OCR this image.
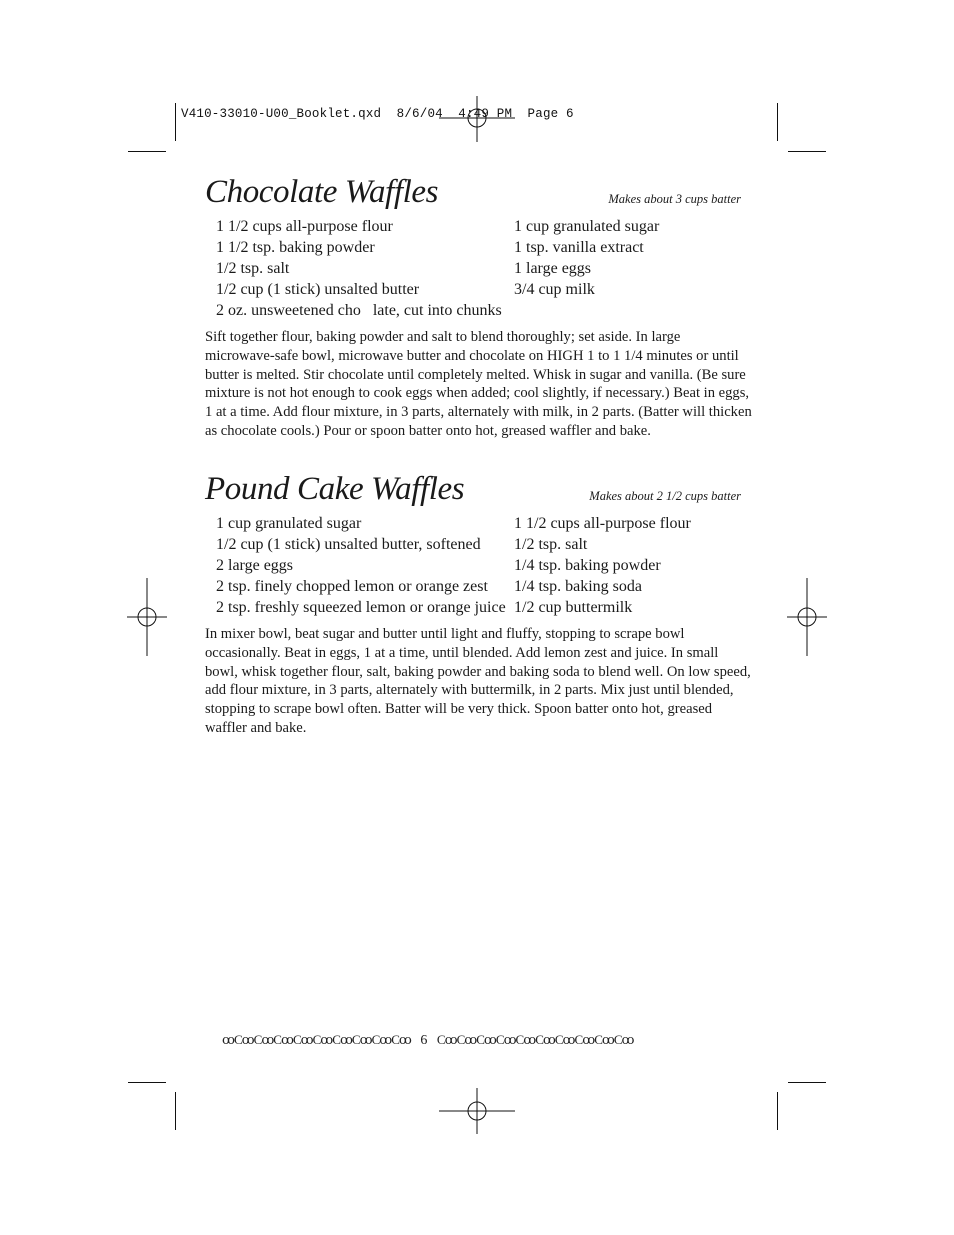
V410-33010-U00_Booklet.qxd  8/6/04  4:49 PM  Page 6
Chocolate Waffles	Makes about 3 cups batter
1 1/2 cups all-purpose flour
1 1/2 tsp. baking powder
1/2 tsp. salt
1/2 cup (1 stick) unsalted butter
2 oz. unsweetened cho   late, cut into chunks
1 cup granulated sugar
1 tsp. vanilla extract
1 large eggs
3/4 cup milk
Sift together flour, baking powder and salt to blend thoroughly; set aside. In large microwave-safe bowl, microwave butter and chocolate on HIGH 1 to 1 1/4 minutes or until butter is melted. Stir chocolate until completely melted. Whisk in sugar and vanilla. (Be sure mixture is not hot enough to cook eggs when added; cool slightly, if necessary.) Beat in eggs, 1 at a time. Add flour mixture, in 3 parts, alternately with milk, in 2 parts. (Batter will thicken as chocolate cools.) Pour or spoon batter onto hot, greased waffler and bake.
Pound Cake Waffles	Makes about 2 1/2 cups batter
1 cup granulated sugar
1/2 cup (1 stick) unsalted butter, softened
2 large eggs
2 tsp. finely chopped lemon or orange zest
2 tsp. freshly squeezed lemon or orange juice
1 1/2 cups all-purpose flour
1/2 tsp. salt
1/4 tsp. baking powder
1/4 tsp. baking soda
1/2 cup buttermilk
In mixer bowl, beat sugar and butter until light and fluffy, stopping to scrape bowl occasionally. Beat in eggs, 1 at a time, until blended. Add lemon zest and juice. In small bowl, whisk together flour, salt, baking powder and baking soda to blend well. On low speed, add flour mixture, in 3 parts, alternately with buttermilk, in 2 parts. Mix just until blended, stopping to scrape bowl often. Batter will be very thick. Spoon batter onto hot, greased waffler and bake.
ꝏCꝏCꝏCꝏCꝏCꝏCꝏCꝏCꝏCꝏ 6 CꝏCꝏCꝏCꝏCꝏCꝏCꝏCꝏCꝏCꝏ
